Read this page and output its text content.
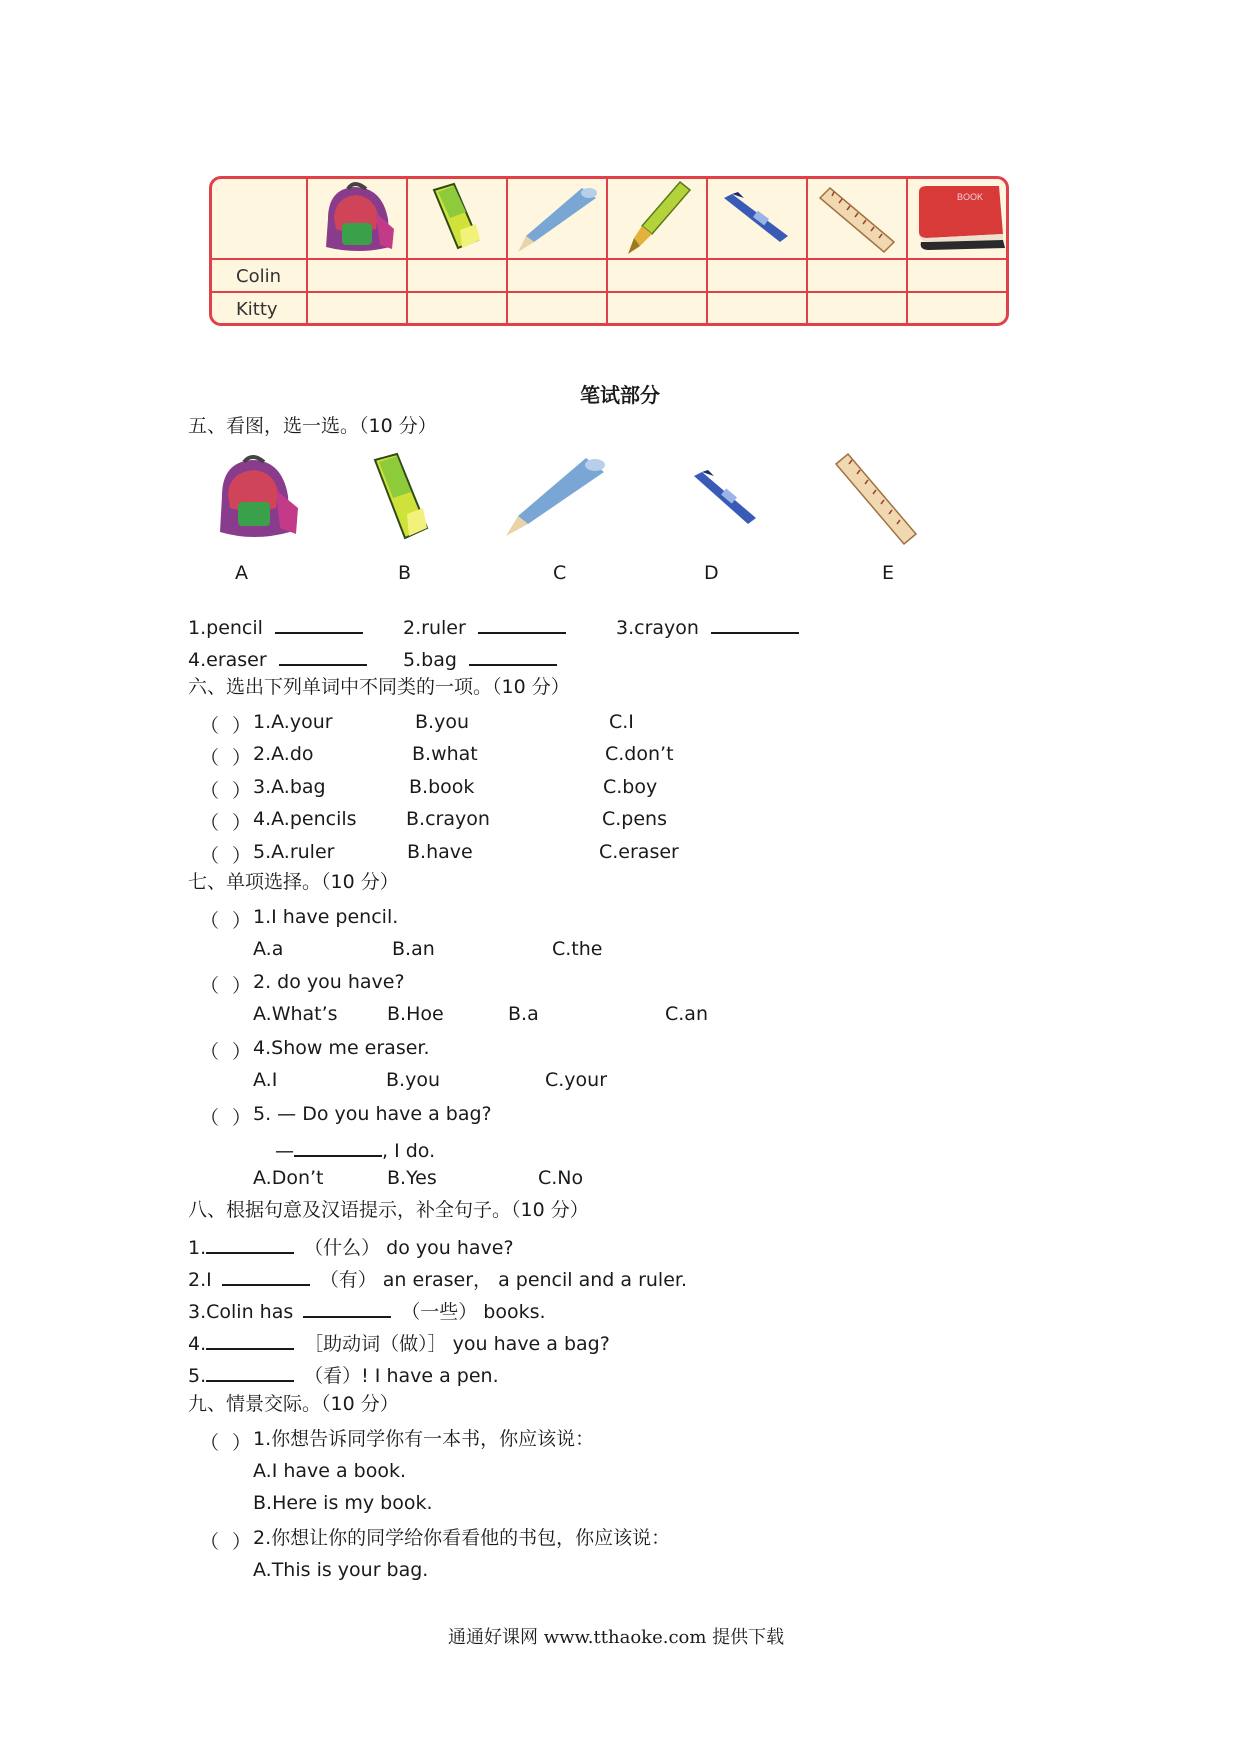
Colin
Kitty
BOOK
笔试部分
五、看图，选一选。（10 分）
A	B	C	D	E
1.pencil	2.ruler	3.crayon
4.eraser	5.bag
六、选出下列单词中不同类的一项。（10 分）
（ ） 1.A.your	B.you	C.I
（ ） 2.A.do	B.what	C.don’t
（ ） 3.A.bag	B.book	C.boy
（ ） 4.A.pencils	B.crayon	C.pens
（ ） 5.A.ruler	B.have	C.eraser
七、单项选择。（10 分）
（ ） 1.I have pencil.
A.a	B.an	C.the
（ ） 2. do you have?
A.What’s	B.Hoe	B.a	C.an
（ ） 4.Show me eraser.
A.I	B.you	C.your
（ ） 5. — Do you have a bag?
—	, I do.
A.Don’t	B.Yes	C.No
八、根据句意及汉语提示，补全句子。（10 分）
1.	（什么） do you have?
2.I	（有） an eraser， a pencil and a ruler.
3.Colin has	（一些） books.
4.	［助动词（做）］ you have a bag?
5.	（看）! I have a pen.
九、情景交际。（10 分）
（ ） 1.你想告诉同学你有一本书，你应该说：
A.I have a book.
B.Here is my book.
（ ） 2.你想让你的同学给你看看他的书包，你应该说：
A.This is your bag.
通通好课网 www.tthaoke.com 提供下载
